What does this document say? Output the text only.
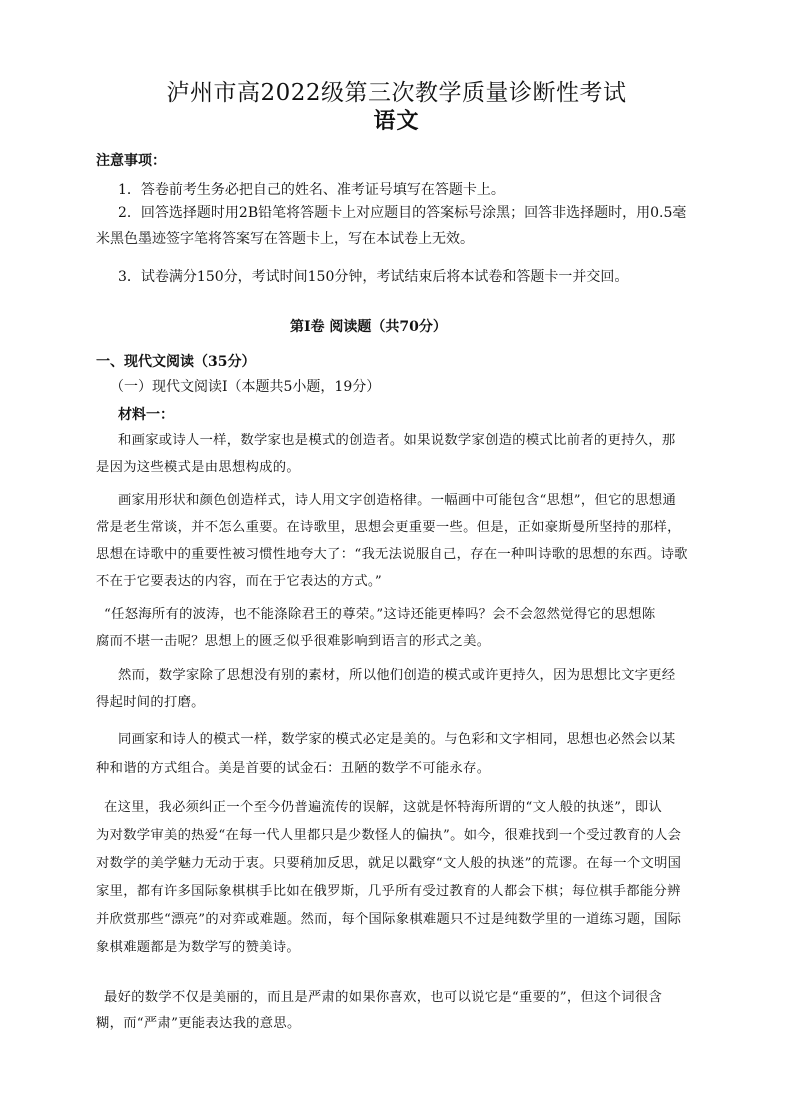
泸州市高2022级第三次教学质量诊断性考试
语文
注意事项：
1．答卷前考生务必把自己的姓名、准考证号填写在答题卡上。
2．回答选择题时用2B铅笔将答题卡上对应题目的答案标号涂黑；回答非选择题时，用0.5毫
米黑色墨迹签字笔将答案写在答题卡上，写在本试卷上无效。
3．试卷满分150分，考试时间150分钟，考试结束后将本试卷和答题卡一并交回。
第I卷 阅读题（共70分）
一、现代文阅读（35分）
（一）现代文阅读I（本题共5小题，19分）
材料一：
和画家或诗人一样，数学家也是模式的创造者。如果说数学家创造的模式比前者的更持久，那
是因为这些模式是由思想构成的。
画家用形状和颜色创造样式，诗人用文字创造格律。一幅画中可能包含“思想”，但它的思想通
常是老生常谈，并不怎么重要。在诗歌里，思想会更重要一些。但是，正如豪斯曼所坚持的那样，
思想在诗歌中的重要性被习惯性地夸大了：“我无法说服自己，存在一种叫诗歌的思想的东西。诗歌
不在于它要表达的内容，而在于它表达的方式。”
“任怒海所有的波涛，也不能涤除君王的尊荣。”这诗还能更棒吗？会不会忽然觉得它的思想陈
腐而不堪一击呢？思想上的匮乏似乎很难影响到语言的形式之美。
然而，数学家除了思想没有别的素材，所以他们创造的模式或许更持久，因为思想比文字更经
得起时间的打磨。
同画家和诗人的模式一样，数学家的模式必定是美的。与色彩和文字相同，思想也必然会以某
种和谐的方式组合。美是首要的试金石：丑陋的数学不可能永存。
在这里，我必须纠正一个至今仍普遍流传的误解，这就是怀特海所谓的“文人般的执迷”，即认
为对数学审美的热爱“在每一代人里都只是少数怪人的偏执”。如今，很难找到一个受过教育的人会
对数学的美学魅力无动于衷。只要稍加反思，就足以戳穿“文人般的执迷”的荒谬。在每一个文明国
家里，都有许多国际象棋棋手比如在俄罗斯，几乎所有受过教育的人都会下棋；每位棋手都能分辨
并欣赏那些“漂亮”的对弈或难题。然而，每个国际象棋难题只不过是纯数学里的一道练习题，国际
象棋难题都是为数学写的赞美诗。
最好的数学不仅是美丽的，而且是严肃的如果你喜欢，也可以说它是“重要的”，但这个词很含
糊，而“严肃”更能表达我的意思。
